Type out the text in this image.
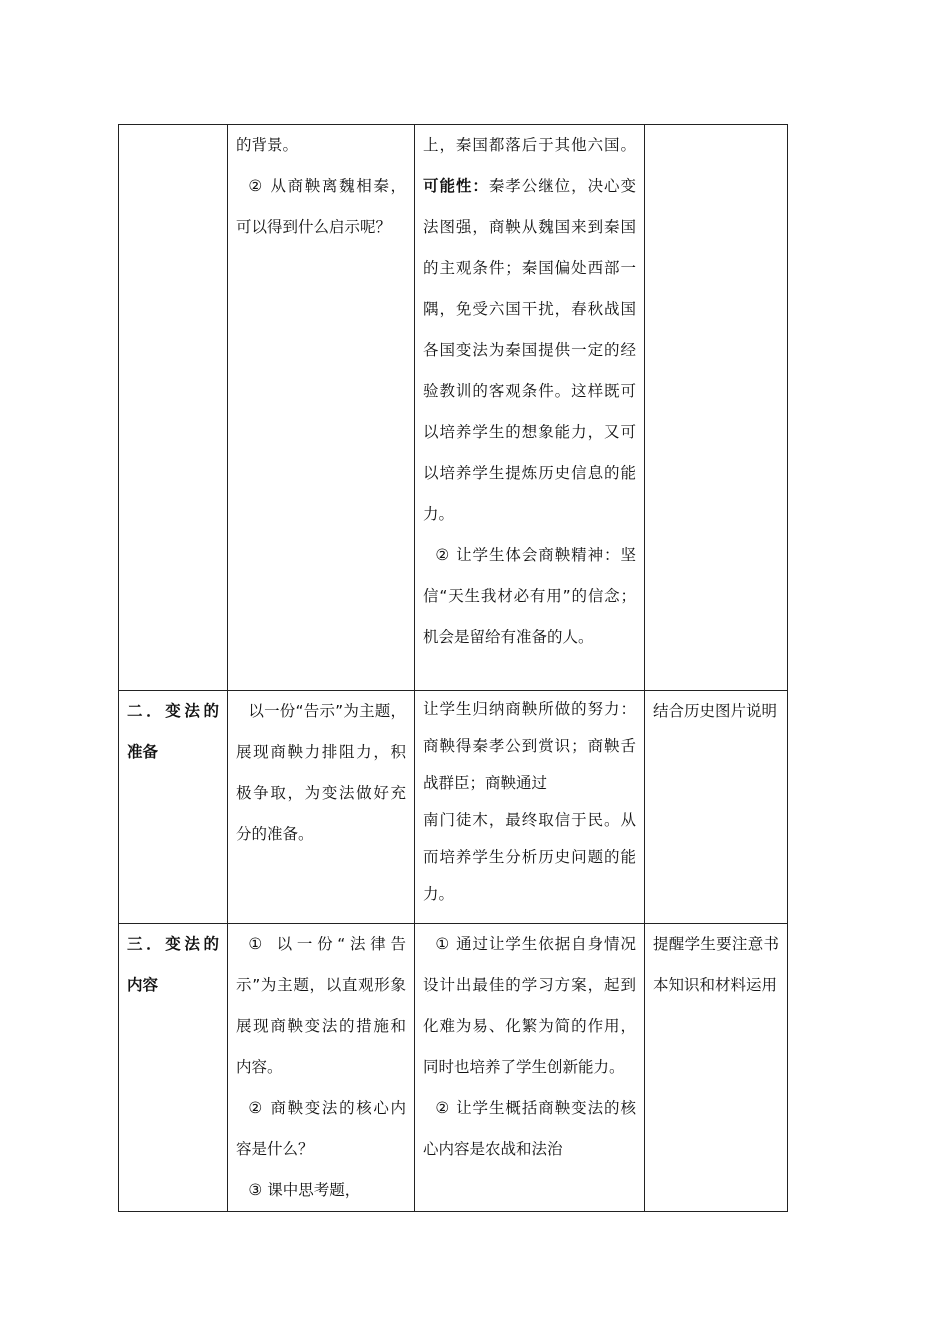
	的背景。
② 从商鞅离魏相秦，可以得到什么启示呢？	上，秦国都落后于其他六国。可能性：秦孝公继位，决心变法图强，商鞅从魏国来到秦国的主观条件；秦国偏处西部一隅，免受六国干扰，春秋战国各国变法为秦国提供一定的经验教训的客观条件。这样既可以培养学生的想象能力，又可以培养学生提炼历史信息的能力。
② 让学生体会商鞅精神：坚信“天生我材必有用”的信念；机会是留给有准备的人。	

二．变法的准备	以一份“告示”为主题，展现商鞅力排阻力，积极争取，为变法做好充分的准备。	让学生归纳商鞅所做的努力：商鞅得秦孝公到赏识；商鞅舌战群臣；商鞅通过
南门徒木，最终取信于民。从而培养学生分析历史问题的能力。	结合历史图片说明
三．变法的内容	① 以一份“法律告示”为主题，以直观形象展现商鞅变法的措施和内容。
② 商鞅变法的核心内容是什么？
③ 课中思考题，	① 通过让学生依据自身情况设计出最佳的学习方案，起到化难为易、化繁为简的作用，同时也培养了学生创新能力。
② 让学生概括商鞅变法的核心内容是农战和法治	提醒学生要注意书本知识和材料运用
